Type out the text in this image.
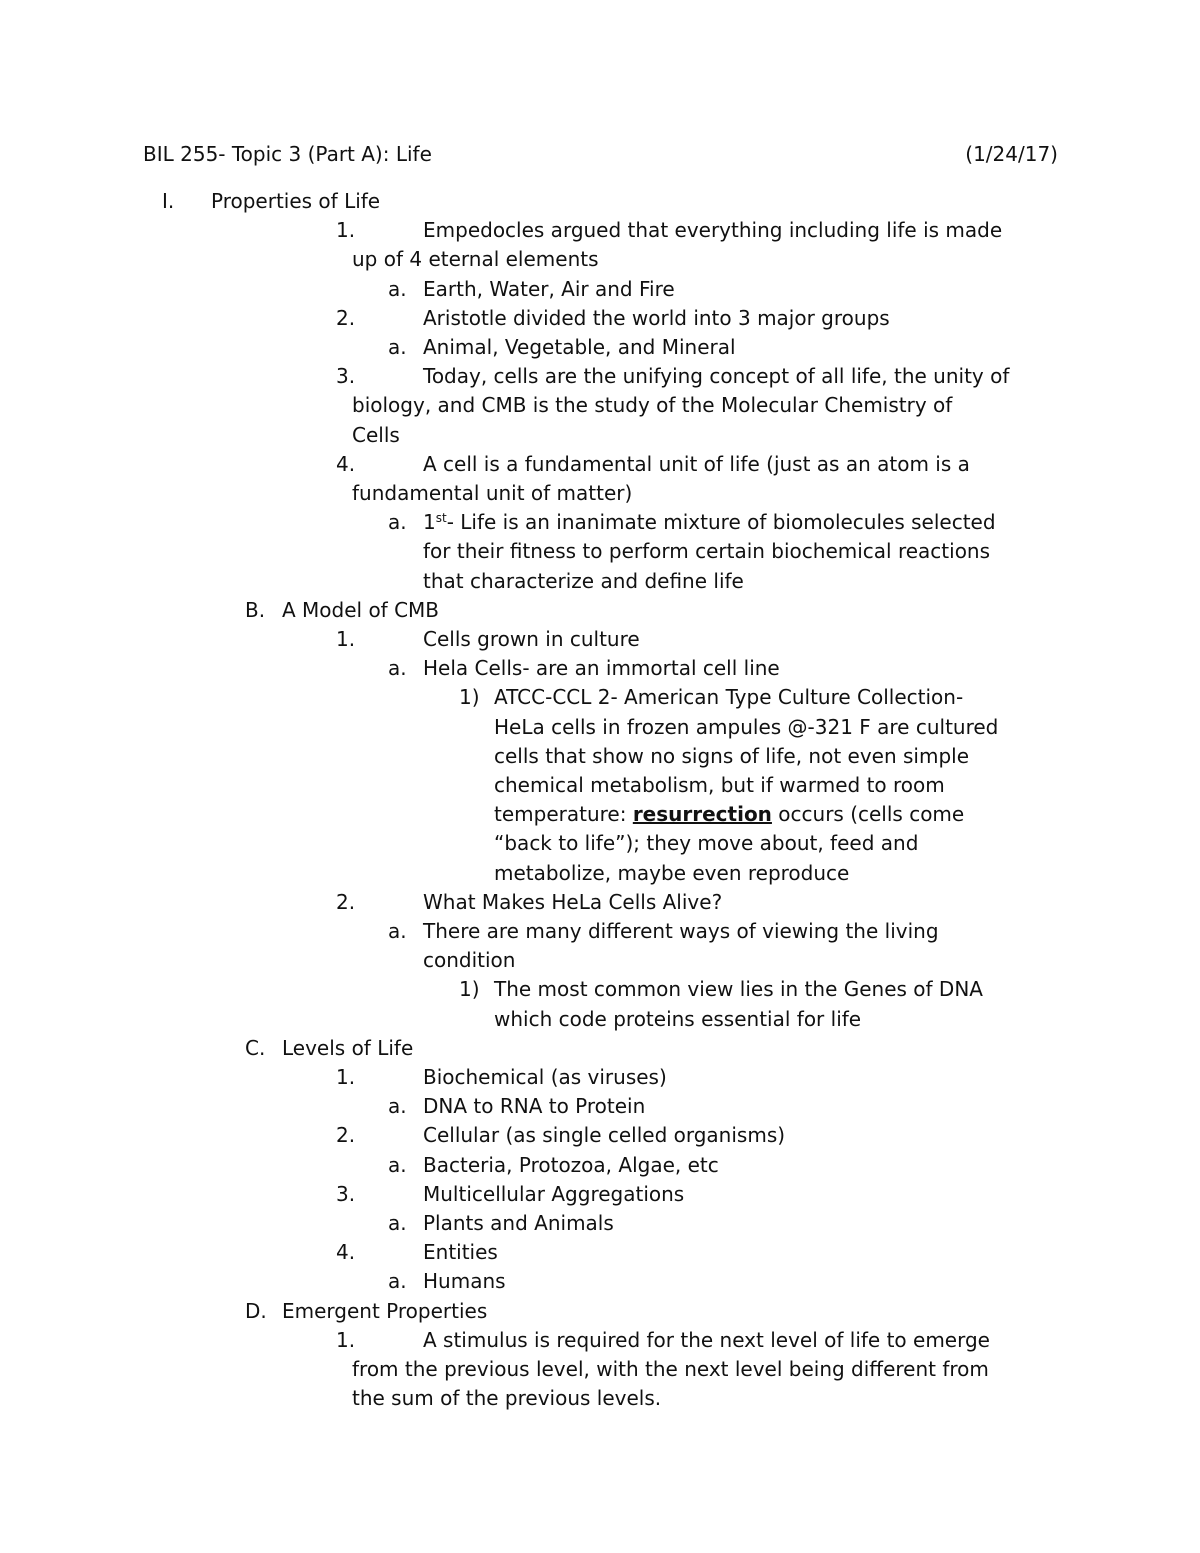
BIL 255- Topic 3 (Part A): Life	(1/24/17)
I. Properties of Life
1.	Empedocles argued that everything including life is made
up of 4 eternal elements
a. Earth, Water, Air and Fire
2.	Aristotle divided the world into 3 major groups
a. Animal, Vegetable, and Mineral
3.	Today, cells are the unifying concept of all life, the unity of
biology, and CMB is the study of the Molecular Chemistry of
Cells
4.	A cell is a fundamental unit of life (just as an atom is a
fundamental unit of matter)
a. 1st- Life is an inanimate mixture of biomolecules selected
for their fitness to perform certain biochemical reactions
that characterize and define life
B. A Model of CMB
1.	Cells grown in culture
a. Hela Cells- are an immortal cell line
1) ATCC-CCL 2- American Type Culture Collection-
HeLa cells in frozen ampules @-321 F are cultured
cells that show no signs of life, not even simple
chemical metabolism, but if warmed to room
temperature: resurrection occurs (cells come
“back to life”); they move about, feed and
metabolize, maybe even reproduce
2.	What Makes HeLa Cells Alive?
a. There are many different ways of viewing the living
condition
1) The most common view lies in the Genes of DNA
which code proteins essential for life
C. Levels of Life
1.	Biochemical (as viruses)
a. DNA to RNA to Protein
2.	Cellular (as single celled organisms)
a. Bacteria, Protozoa, Algae, etc
3.	Multicellular Aggregations
a. Plants and Animals
4.	Entities
a. Humans
D. Emergent Properties
1.	A stimulus is required for the next level of life to emerge
from the previous level, with the next level being different from
the sum of the previous levels.
